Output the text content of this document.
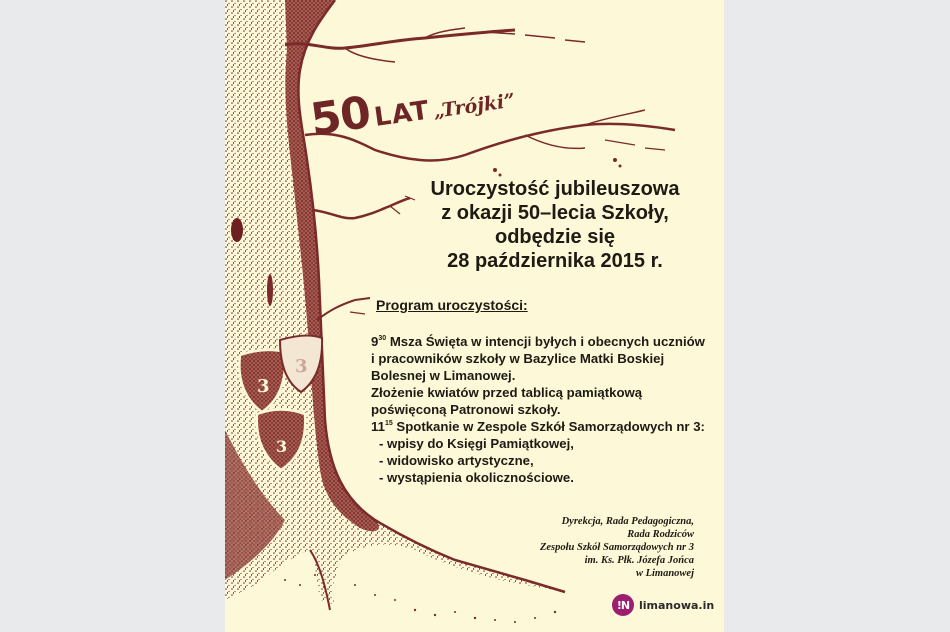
3
3
3
50LAT„Trójki”
Uroczystość jubileuszowa
z okazji 50–lecia Szkoły,
odbędzie się
28 października 2015 r.
Program uroczystości:
$9^{30}$ Msza Święta w intencji byłych i obecnych uczniów
i pracowników szkoły w Bazylice Matki Boskiej
Bolesnej w Limanowej.
Złożenie kwiatów przed tablicą pamiątkową
poświęconą Patronowi szkoły.
$11^{15}$ Spotkanie w Zespole Szkół Samorządowych nr 3:
- wpisy do Księgi Pamiątkowej,
- widowisko artystyczne,
- wystąpienia okolicznościowe.
Dyrekcja, Rada Pedagogiczna,
Rada Rodziców
Zespołu Szkół Samorządowych nr 3
im. Ks. Płk. Józefa Jońca
w Limanowej
!N limanowa.in
